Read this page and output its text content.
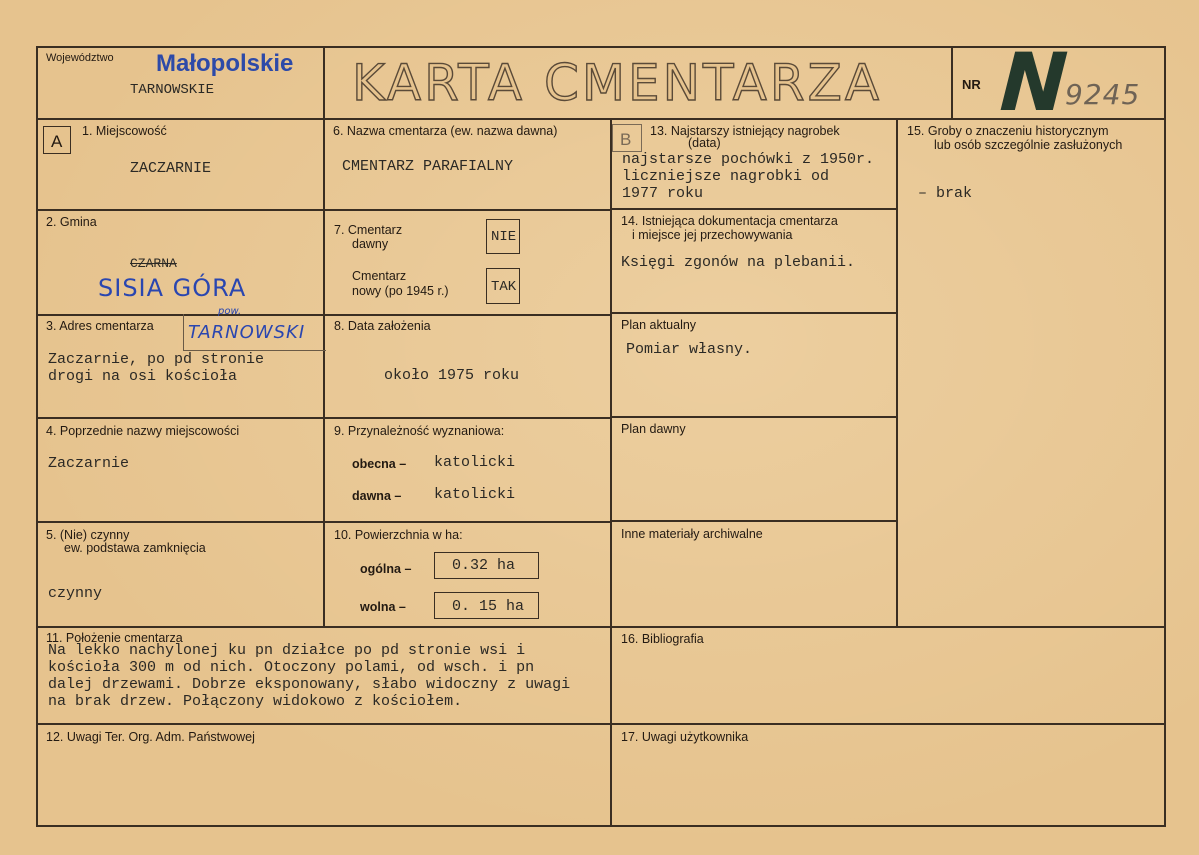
Województwo Małopolskie
TARNOWSKIE	KARTA CMENTARZA	NR N
9245
A	B
1. Miejscowość
ZACZARNIE
2. Gmina
CZARNA
SISIA GÓRA
3. Adres cmentarza
pow.
TARNOWSKI
Zaczarnie, po pd stronie
drogi na osi kościoła
4. Poprzednie nazwy miejscowości
Zaczarnie
5. (Nie) czynny
ew. podstawa zamknięcia
czynny
6. Nazwa cmentarza (ew. nazwa dawna)
CMENTARZ PARAFIALNY
7. Cmentarz
dawny	NIE
Cmentarz
nowy (po 1945 r.)	TAK
8. Data założenia
około 1975 roku
9. Przynależność wyznaniowa:
obecna – katolicki
dawna – katolicki
10. Powierzchnia w ha:
ogólna –	0.32 ha
wolna –	0. 15 ha
13. Najstarszy istniejący nagrobek
(data)
najstarsze pochówki z 1950r.
liczniejsze nagrobki od
1977 roku
14. Istniejąca dokumentacja cmentarza
i miejsce jej przechowywania
Księgi zgonów na plebanii.
Plan aktualny
Pomiar własny.
Plan dawny
Inne materiały archiwalne
15. Groby o znaczeniu historycznym
lub osób szczególnie zasłużonych
– brak
11. Położenie cmentarza
Na lekko nachylonej ku pn działce po pd stronie wsi i
kościoła 300 m od nich. Otoczony polami, od wsch. i pn
dalej drzewami. Dobrze eksponowany, słabo widoczny z uwagi
na brak drzew. Połączony widokowo z kościołem.
16. Bibliografia
12. Uwagi Ter. Org. Adm. Państwowej	17. Uwagi użytkownika
